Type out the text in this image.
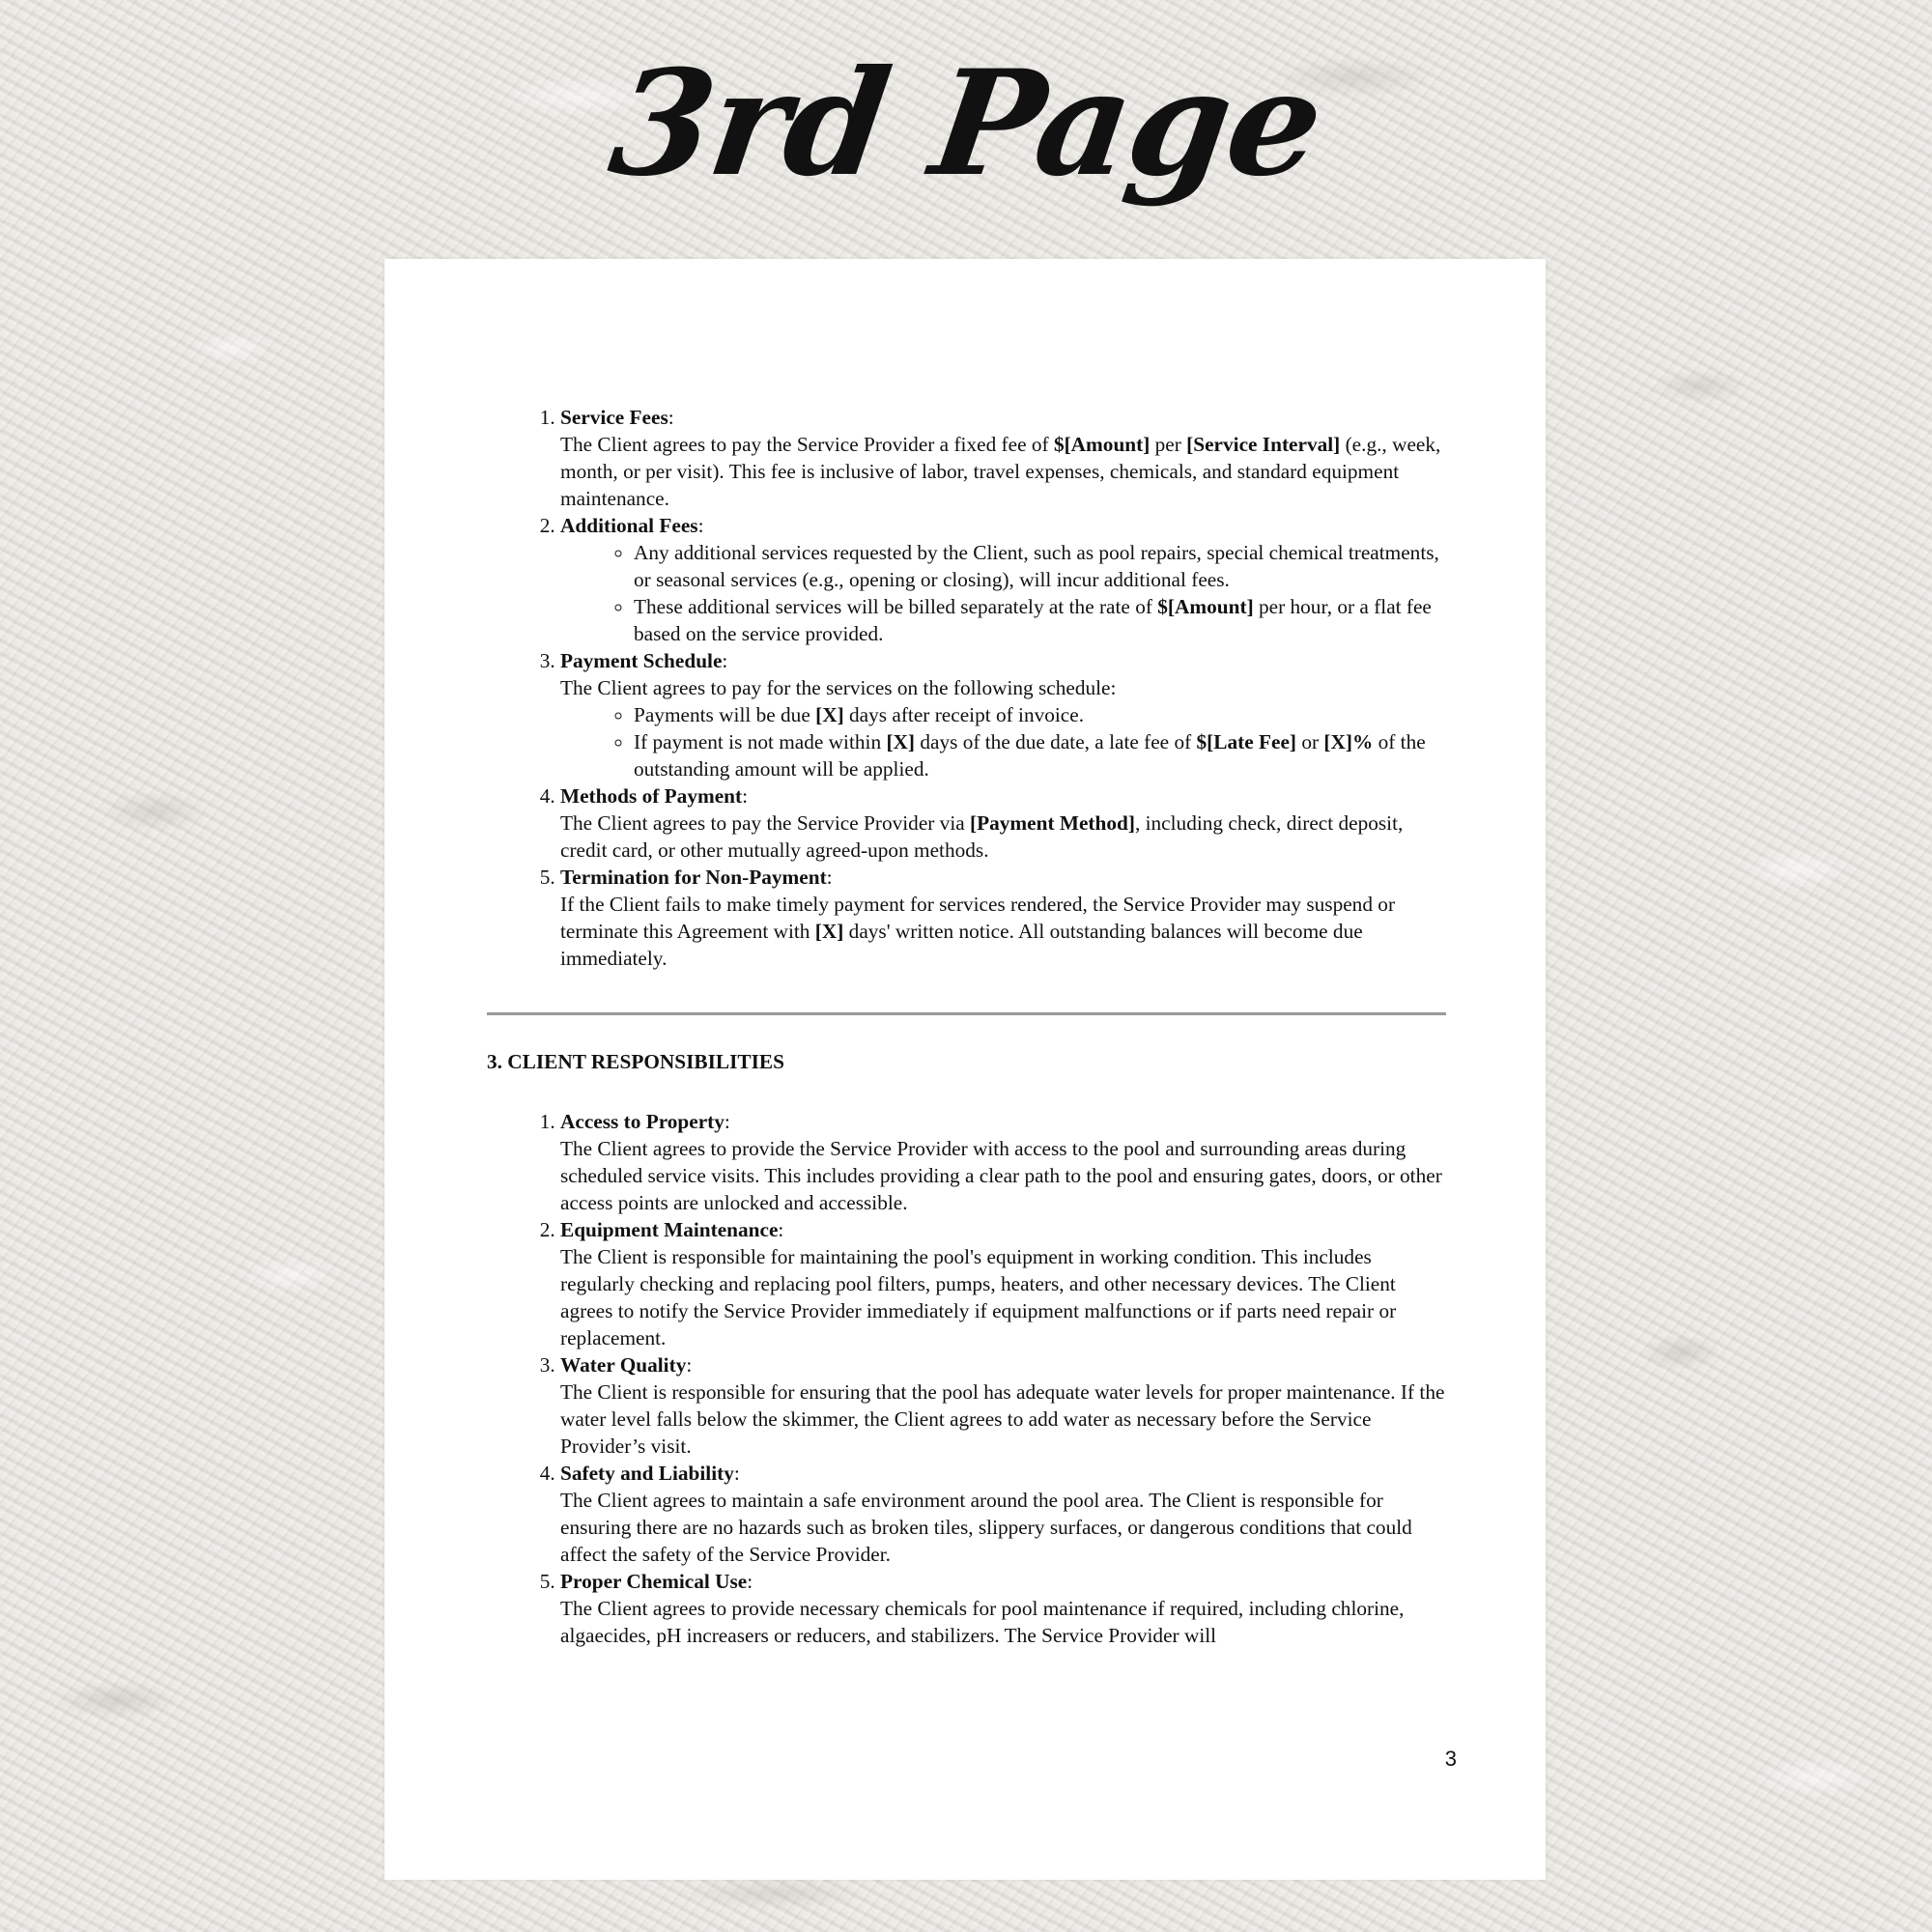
3rd Page
1. Service Fees:
The Client agrees to pay the Service Provider a fixed fee of $[Amount] per [Service Interval] (e.g., week, month, or per visit). This fee is inclusive of labor, travel expenses, chemicals, and standard equipment maintenance.
2. Additional Fees:
◦ Any additional services requested by the Client, such as pool repairs, special chemical treatments, or seasonal services (e.g., opening or closing), will incur additional fees.
◦ These additional services will be billed separately at the rate of $[Amount] per hour, or a flat fee based on the service provided.
3. Payment Schedule:
The Client agrees to pay for the services on the following schedule:
◦ Payments will be due [X] days after receipt of invoice.
◦ If payment is not made within [X] days of the due date, a late fee of $[Late Fee] or [X]% of the outstanding amount will be applied.
4. Methods of Payment:
The Client agrees to pay the Service Provider via [Payment Method], including check, direct deposit, credit card, or other mutually agreed-upon methods.
5. Termination for Non-Payment:
If the Client fails to make timely payment for services rendered, the Service Provider may suspend or terminate this Agreement with [X] days' written notice. All outstanding balances will become due immediately.
3. CLIENT RESPONSIBILITIES
1. Access to Property:
The Client agrees to provide the Service Provider with access to the pool and surrounding areas during scheduled service visits. This includes providing a clear path to the pool and ensuring gates, doors, or other access points are unlocked and accessible.
2. Equipment Maintenance:
The Client is responsible for maintaining the pool's equipment in working condition. This includes regularly checking and replacing pool filters, pumps, heaters, and other necessary devices. The Client agrees to notify the Service Provider immediately if equipment malfunctions or if parts need repair or replacement.
3. Water Quality:
The Client is responsible for ensuring that the pool has adequate water levels for proper maintenance. If the water level falls below the skimmer, the Client agrees to add water as necessary before the Service Provider’s visit.
4. Safety and Liability:
The Client agrees to maintain a safe environment around the pool area. The Client is responsible for ensuring there are no hazards such as broken tiles, slippery surfaces, or dangerous conditions that could affect the safety of the Service Provider.
5. Proper Chemical Use:
The Client agrees to provide necessary chemicals for pool maintenance if required, including chlorine, algaecides, pH increasers or reducers, and stabilizers. The Service Provider will
3
